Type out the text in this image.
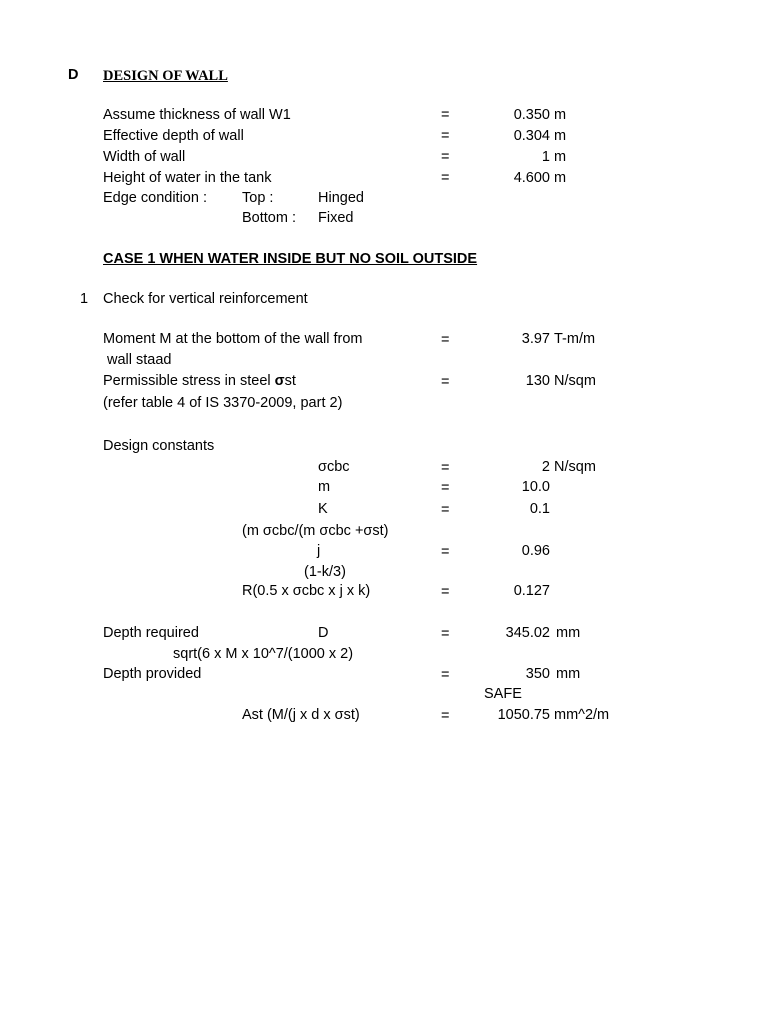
D DESIGN OF WALL
Assume thickness of wall W1	=	0.350 m
Effective depth of wall	=	0.304 m
Width of wall	=	1 m
Height of water in the tank	=	4.600 m
Edge condition : Top :	Hinged
Bottom : Fixed
CASE 1 WHEN WATER INSIDE BUT NO SOIL OUTSIDE
1 Check for vertical reinforcement
Moment M at the bottom of the wall from
wall staad
=	3.97 T-m/m
Permissible stress in steel σst	=	130 N/sqm
(refer table 4 of IS 3370-2009, part 2)
Design constants
σcbc	=	2 N/sqm
m	=	10.0
K	=	0.1
(m σcbc/(m σcbc +σst)
j	=	0.96
(1-k/3)
R(0.5 x σcbc x j x k)	=	0.127
Depth required	D	=	345.02 mm
sqrt(6 x M x 10^7/(1000 x 2)
Depth provided	=	350 mm
SAFE
Ast (M/(j x d x σst)	=	1050.75 mm^2/m
